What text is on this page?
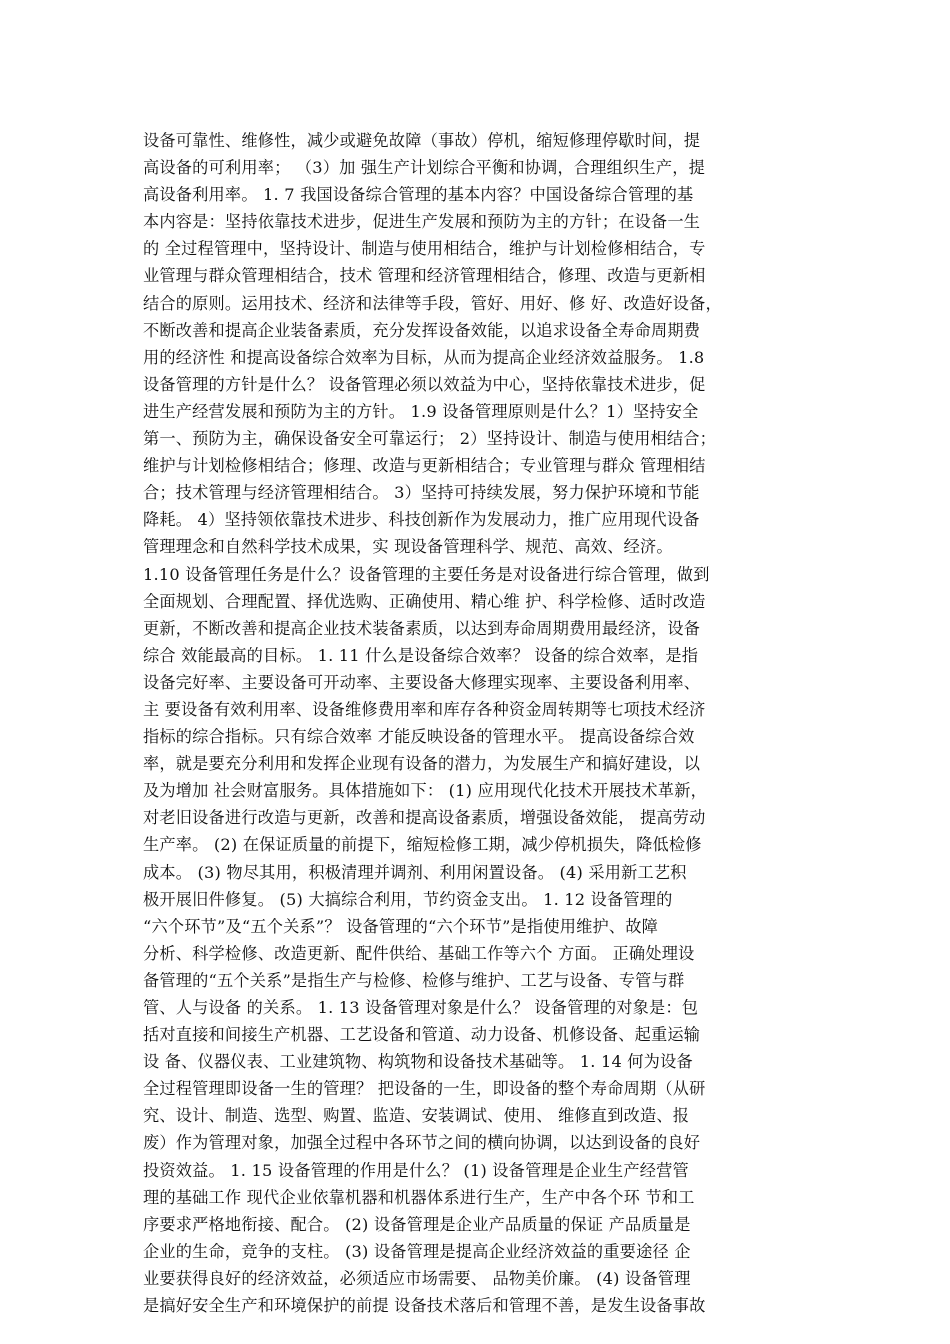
设备可靠性、维修性，减少或避免故障（事故）停机，缩短修理停歇时间，提
高设备的可利用率； （3）加 强生产计划综合平衡和协调，合理组织生产，提
高设备利用率。 1. 7 我国设备综合管理的基本内容？中国设备综合管理的基
本内容是：坚持依靠技术进步，促进生产发展和预防为主的方针；在设备一生
的 全过程管理中，坚持设计、制造与使用相结合，维护与计划检修相结合，专
业管理与群众管理相结合，技术 管理和经济管理相结合，修理、改造与更新相
结合的原则。运用技术、经济和法律等手段，管好、用好、修 好、改造好设备，
不断改善和提高企业装备素质，充分发挥设备效能，以追求设备全寿命周期费
用的经济性 和提高设备综合效率为目标，从而为提高企业经济效益服务。 1.8
设备管理的方针是什么？ 设备管理必须以效益为中心，坚持依靠技术进步，促
进生产经营发展和预防为主的方针。 1.9 设备管理原则是什么？1）坚持安全
第一、预防为主，确保设备安全可靠运行； 2）坚持设计、制造与使用相结合；
维护与计划检修相结合；修理、改造与更新相结合；专业管理与群众 管理相结
合；技术管理与经济管理相结合。 3）坚持可持续发展，努力保护环境和节能
降耗。 4）坚持领依靠技术进步、科技创新作为发展动力，推广应用现代设备
管理理念和自然科学技术成果，实 现设备管理科学、规范、高效、经济。
1.10 设备管理任务是什么？设备管理的主要任务是对设备进行综合管理，做到
全面规划、合理配置、择优选购、正确使用、精心维 护、科学检修、适时改造
更新，不断改善和提高企业技术装备素质，以达到寿命周期费用最经济，设备
综合 效能最高的目标。 1. 11 什么是设备综合效率？ 设备的综合效率，是指
设备完好率、主要设备可开动率、主要设备大修理实现率、主要设备利用率、
主 要设备有效利用率、设备维修费用率和库存各种资金周转期等七项技术经济
指标的综合指标。只有综合效率 才能反映设备的管理水平。 提高设备综合效
率，就是要充分利用和发挥企业现有设备的潜力，为发展生产和搞好建设，以
及为增加 社会财富服务。具体措施如下： (1) 应用现代化技术开展技术革新，
对老旧设备进行改造与更新，改善和提高设备素质，增强设备效能， 提高劳动
生产率。 (2) 在保证质量的前提下，缩短检修工期，减少停机损失，降低检修
成本。 (3) 物尽其用，积极清理并调剂、利用闲置设备。 (4) 采用新工艺积
极开展旧件修复。 (5) 大搞综合利用，节约资金支出。 1. 12 设备管理的
“六个环节”及“五个关系”？ 设备管理的“六个环节”是指使用维护、故障
分析、科学检修、改造更新、配件供给、基础工作等六个 方面。 正确处理设
备管理的“五个关系”是指生产与检修、检修与维护、工艺与设备、专管与群
管、人与设备 的关系。 1. 13 设备管理对象是什么？ 设备管理的对象是：包
括对直接和间接生产机器、工艺设备和管道、动力设备、机修设备、起重运输
设 备、仪器仪表、工业建筑物、构筑物和设备技术基础等。 1. 14 何为设备
全过程管理即设备一生的管理？ 把设备的一生，即设备的整个寿命周期（从研
究、设计、制造、选型、购置、监造、安装调试、使用、 维修直到改造、报
废）作为管理对象，加强全过程中各环节之间的横向协调，以达到设备的良好
投资效益。 1. 15 设备管理的作用是什么？ (1) 设备管理是企业生产经营管
理的基础工作 现代企业依靠机器和机器体系进行生产，生产中各个环 节和工
序要求严格地衔接、配合。 (2) 设备管理是企业产品质量的保证 产品质量是
企业的生命，竞争的支柱。 (3) 设备管理是提高企业经济效益的重要途径 企
业要获得良好的经济效益，必须适应市场需要、 品物美价廉。 (4) 设备管理
是搞好安全生产和环境保护的前提 设备技术落后和管理不善，是发生设备事故
